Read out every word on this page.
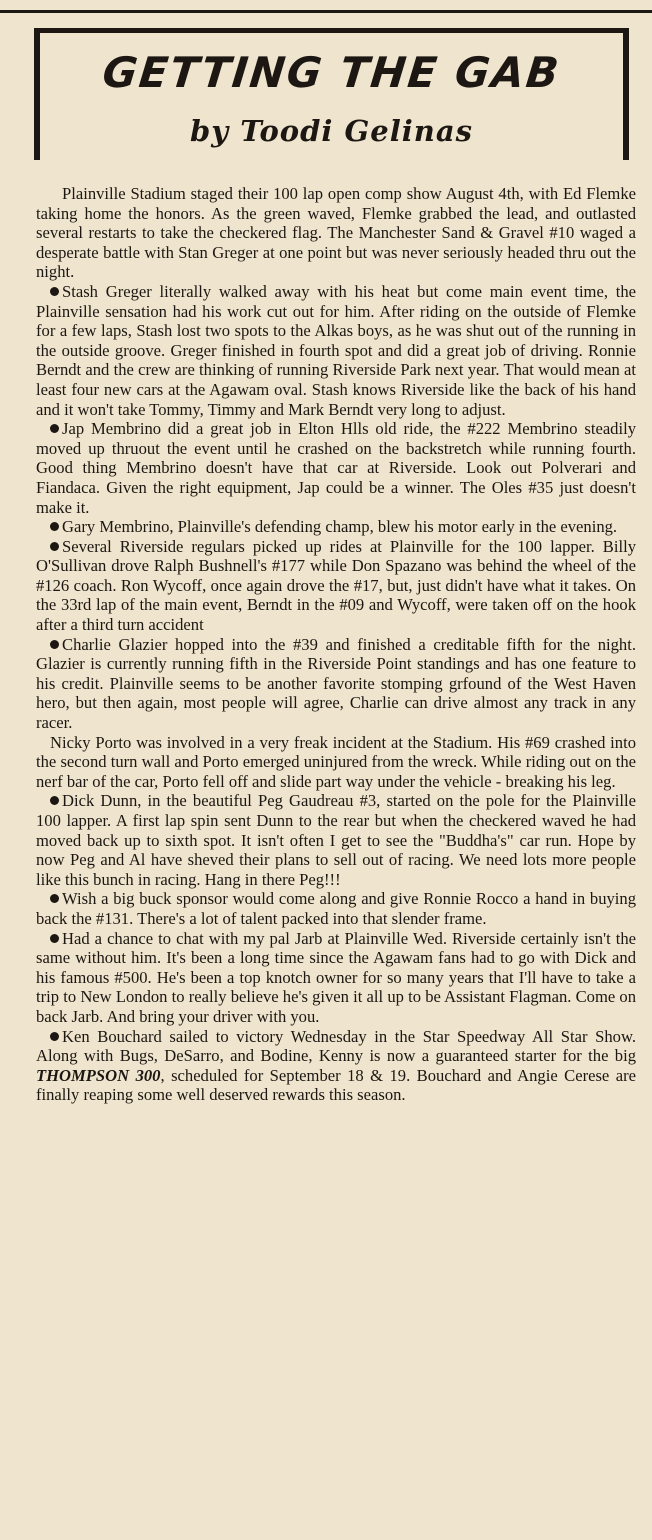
GETTING THE GAB
by Toodi Gelinas

Plainville Stadium staged their 100 lap open comp show August 4th, with Ed Flemke taking home the honors. As the green waved, Flemke grabbed the lead, and outlasted several restarts to take the checkered flag. The Manchester Sand & Gravel #10 waged a desperate battle with Stan Greger at one point but was never seriously headed thru out the night.

Stash Greger literally walked away with his heat but come main event time, the Plainville sensation had his work cut out for him. After riding on the outside of Flemke for a few laps, Stash lost two spots to the Alkas boys, as he was shut out of the running in the outside groove. Greger finished in fourth spot and did a great job of driving. Ronnie Berndt and the crew are thinking of running Riverside Park next year. That would mean at least four new cars at the Agawam oval. Stash knows Riverside like the back of his hand and it won't take Tommy, Timmy and Mark Berndt very long to adjust.

Jap Membrino did a great job in Elton Hlls old ride, the #222 Membrino steadily moved up thruout the event until he crashed on the backstretch while running fourth. Good thing Membrino doesn't have that car at Riverside. Look out Polverari and Fiandaca. Given the right equipment, Jap could be a winner. The Oles #35 just doesn't make it.

Gary Membrino, Plainville's defending champ, blew his motor early in the evening.

Several Riverside regulars picked up rides at Plainville for the 100 lapper. Billy O'Sullivan drove Ralph Bushnell's #177 while Don Spazano was behind the wheel of the #126 coach. Ron Wycoff, once again drove the #17, but, just didn't have what it takes. On the 33rd lap of the main event, Berndt in the #09 and Wycoff, were taken off on the hook after a third turn accident

Charlie Glazier hopped into the #39 and finished a creditable fifth for the night. Glazier is currently running fifth in the Riverside Point standings and has one feature to his credit. Plainville seems to be another favorite stomping grfound of the West Haven hero, but then again, most people will agree, Charlie can drive almost any track in any racer.

Nicky Porto was involved in a very freak incident at the Stadium. His #69 crashed into the second turn wall and Porto emerged uninjured from the wreck. While riding out on the nerf bar of the car, Porto fell off and slide part way under the vehicle - breaking his leg.

Dick Dunn, in the beautiful Peg Gaudreau #3, started on the pole for the Plainville 100 lapper. A first lap spin sent Dunn to the rear but when the checkered waved he had moved back up to sixth spot. It isn't often I get to see the "Buddha's" car run. Hope by now Peg and Al have sheved their plans to sell out of racing. We need lots more people like this bunch in racing. Hang in there Peg!!!

Wish a big buck sponsor would come along and give Ronnie Rocco a hand in buying back the #131. There's a lot of talent packed into that slender frame.

Had a chance to chat with my pal Jarb at Plainville Wed. Riverside certainly isn't the same without him. It's been a long time since the Agawam fans had to go with Dick and his famous #500. He's been a top knotch owner for so many years that I'll have to take a trip to New London to really believe he's given it all up to be Assistant Flagman. Come on back Jarb. And bring your driver with you.

Ken Bouchard sailed to victory Wednesday in the Star Speedway All Star Show. Along with Bugs, DeSarro, and Bodine, Kenny is now a guaranteed starter for the big THOMPSON 300, scheduled for September 18 & 19. Bouchard and Angie Cerese are finally reaping some well deserved rewards this season.
